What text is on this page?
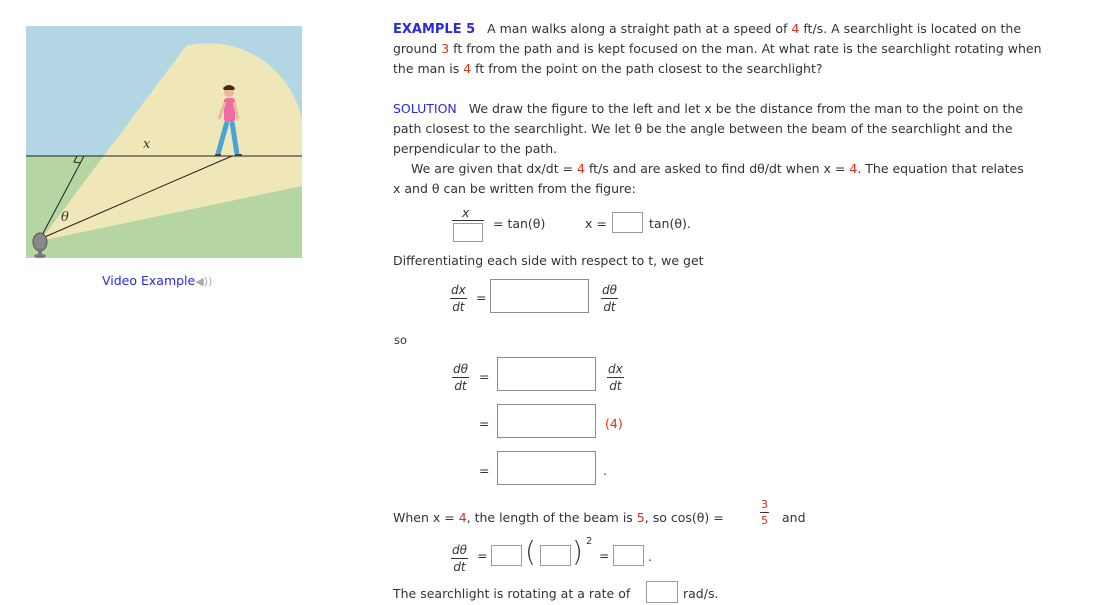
x
θ
Video Example◀))
EXAMPLE 5 A man walks along a straight path at a speed of 4 ft/s. A searchlight is located on the
ground 3 ft from the path and is kept focused on the man. At what rate is the searchlight rotating when
the man is 4 ft from the point on the path closest to the searchlight?
SOLUTION We draw the figure to the left and let x be the distance from the man to the point on the
path closest to the searchlight. We let θ be the angle between the beam of the searchlight and the
perpendicular to the path.
We are given that dx/dt = 4 ft/s and are asked to find dθ/dt when x = 4. The equation that relates
x and θ can be written from the figure:
x
= tan(θ)	x =	tan(θ).
Differentiating each side with respect to t, we get
$\frac{dx}{dt}$ =	$\frac{d\theta}{dt}$
so
$\frac{d\theta}{dt}$ =	$\frac{dx}{dt}$
=	(4)
=	.
When x = 4, the length of the beam is 5, so cos(θ) =	$\frac{3}{5}$ and
$\frac{d\theta}{dt}$ = ( ) 2
=	.
The searchlight is rotating at a rate of	rad/s.
